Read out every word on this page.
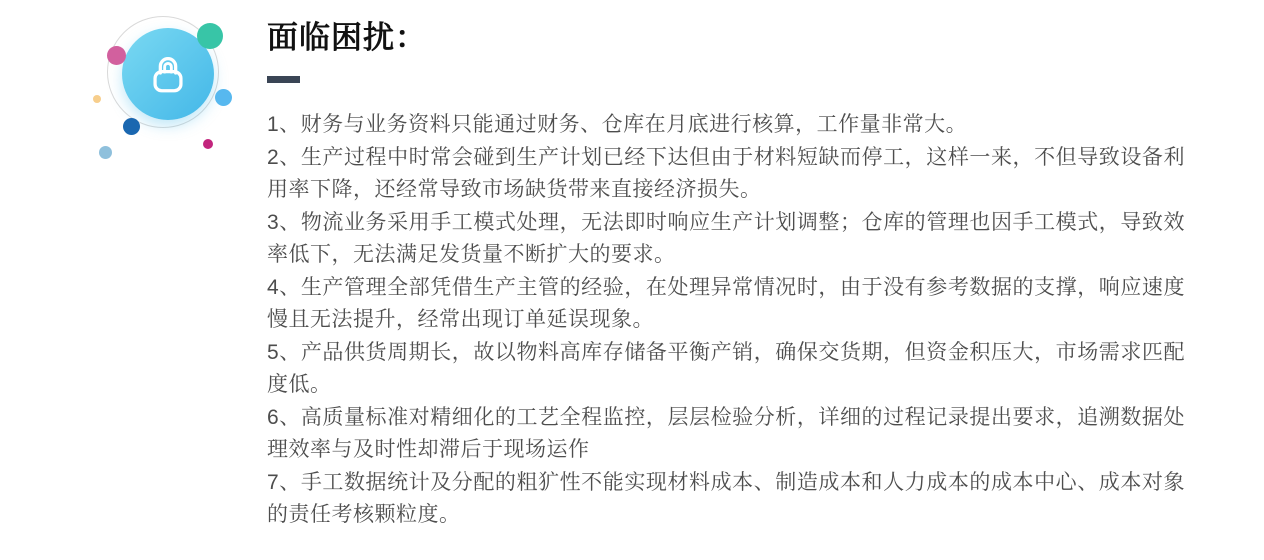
面临困扰：

1、财务与业务资料只能通过财务、仓库在月底进行核算，工作量非常大。

2、生产过程中时常会碰到生产计划已经下达但由于材料短缺而停工，这样一来，不但导致设备利用率下降，还经常导致市场缺货带来直接经济损失。

3、物流业务采用手工模式处理，无法即时响应生产计划调整；仓库的管理也因手工模式，导致效率低下，无法满足发货量不断扩大的要求。

4、生产管理全部凭借生产主管的经验，在处理异常情况时，由于没有参考数据的支撑，响应速度慢且无法提升，经常出现订单延误现象。

5、产品供货周期长，故以物料高库存储备平衡产销，确保交货期，但资金积压大，市场需求匹配度低。

6、高质量标准对精细化的工艺全程监控，层层检验分析，详细的过程记录提出要求，追溯数据处理效率与及时性却滞后于现场运作

7、手工数据统计及分配的粗犷性不能实现材料成本、制造成本和人力成本的成本中心、成本对象的责任考核颗粒度。
